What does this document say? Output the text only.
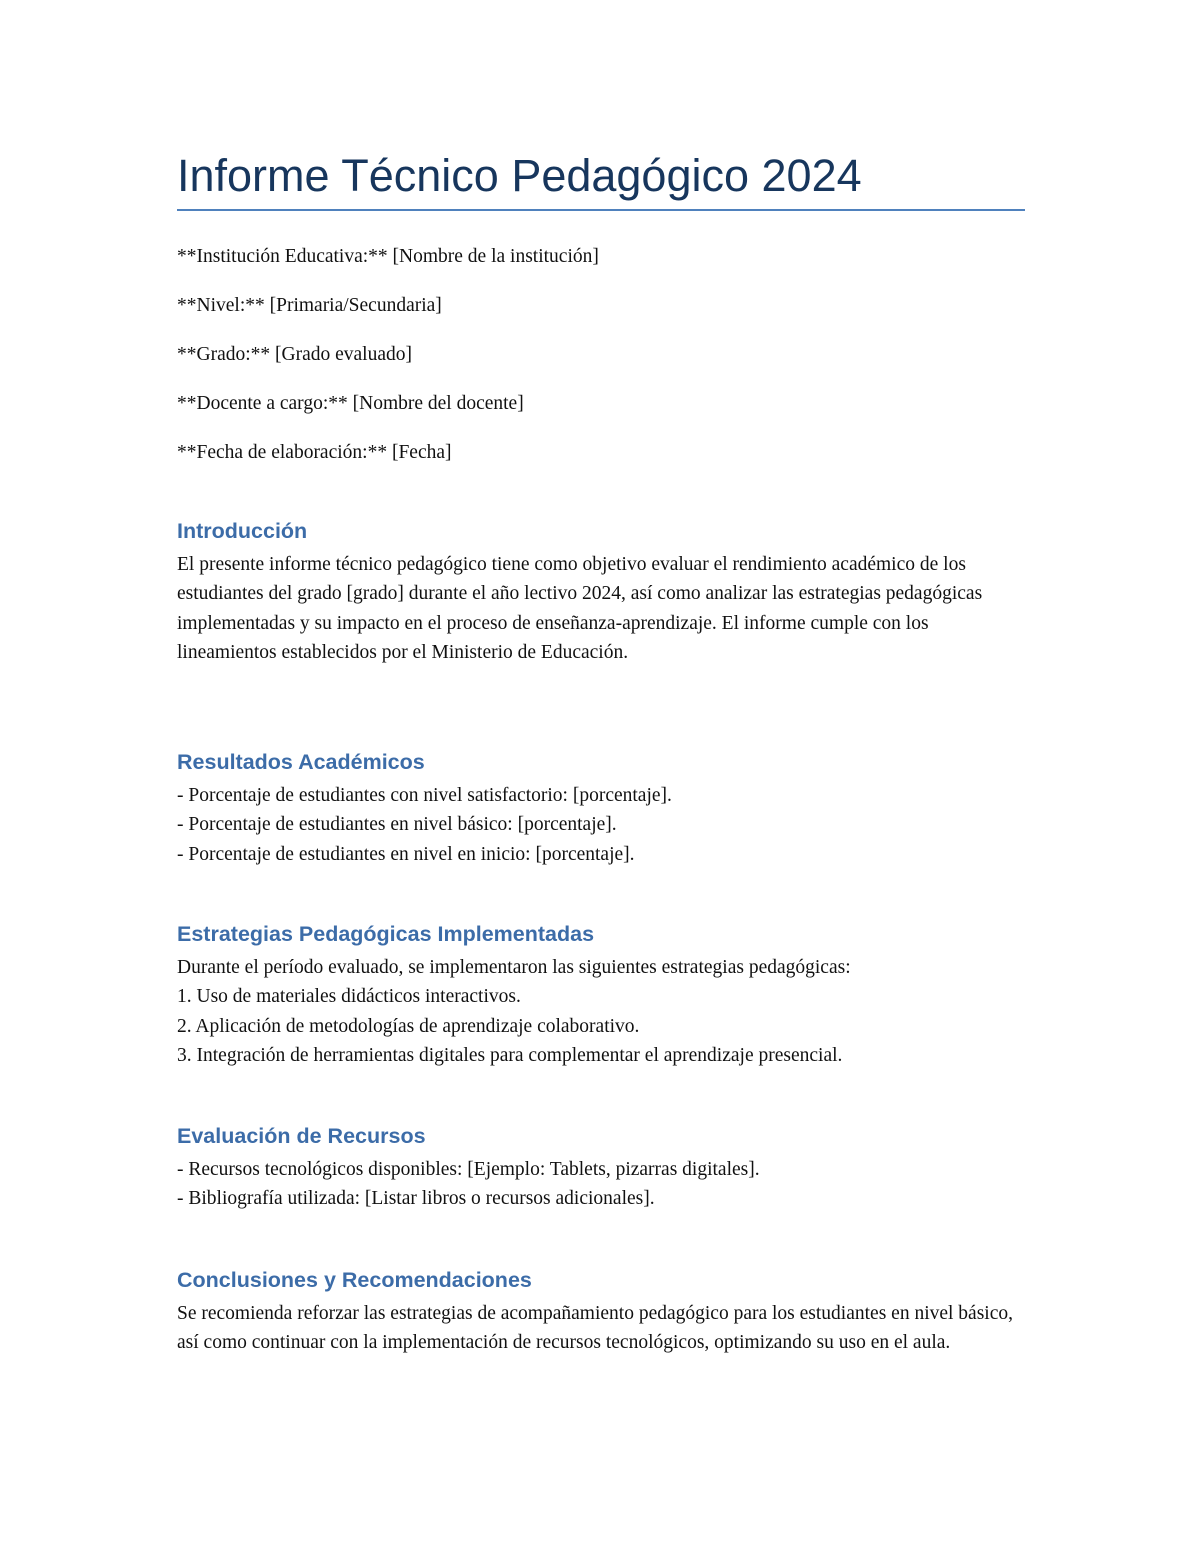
Informe Técnico Pedagógico 2024

**Institución Educativa:** [Nombre de la institución]

**Nivel:** [Primaria/Secundaria]

**Grado:** [Grado evaluado]

**Docente a cargo:** [Nombre del docente]

**Fecha de elaboración:** [Fecha]

Introducción

El presente informe técnico pedagógico tiene como objetivo evaluar el rendimiento académico de los estudiantes del grado [grado] durante el año lectivo 2024, así como analizar las estrategias pedagógicas implementadas y su impacto en el proceso de enseñanza-aprendizaje. El informe cumple con los lineamientos establecidos por el Ministerio de Educación.

Resultados Académicos

- Porcentaje de estudiantes con nivel satisfactorio: [porcentaje].

- Porcentaje de estudiantes en nivel básico: [porcentaje].

- Porcentaje de estudiantes en nivel en inicio: [porcentaje].

Estrategias Pedagógicas Implementadas

Durante el período evaluado, se implementaron las siguientes estrategias pedagógicas:

1. Uso de materiales didácticos interactivos.

2. Aplicación de metodologías de aprendizaje colaborativo.

3. Integración de herramientas digitales para complementar el aprendizaje presencial.

Evaluación de Recursos

- Recursos tecnológicos disponibles: [Ejemplo: Tablets, pizarras digitales].

- Bibliografía utilizada: [Listar libros o recursos adicionales].

Conclusiones y Recomendaciones

Se recomienda reforzar las estrategias de acompañamiento pedagógico para los estudiantes en nivel básico, así como continuar con la implementación de recursos tecnológicos, optimizando su uso en el aula.
